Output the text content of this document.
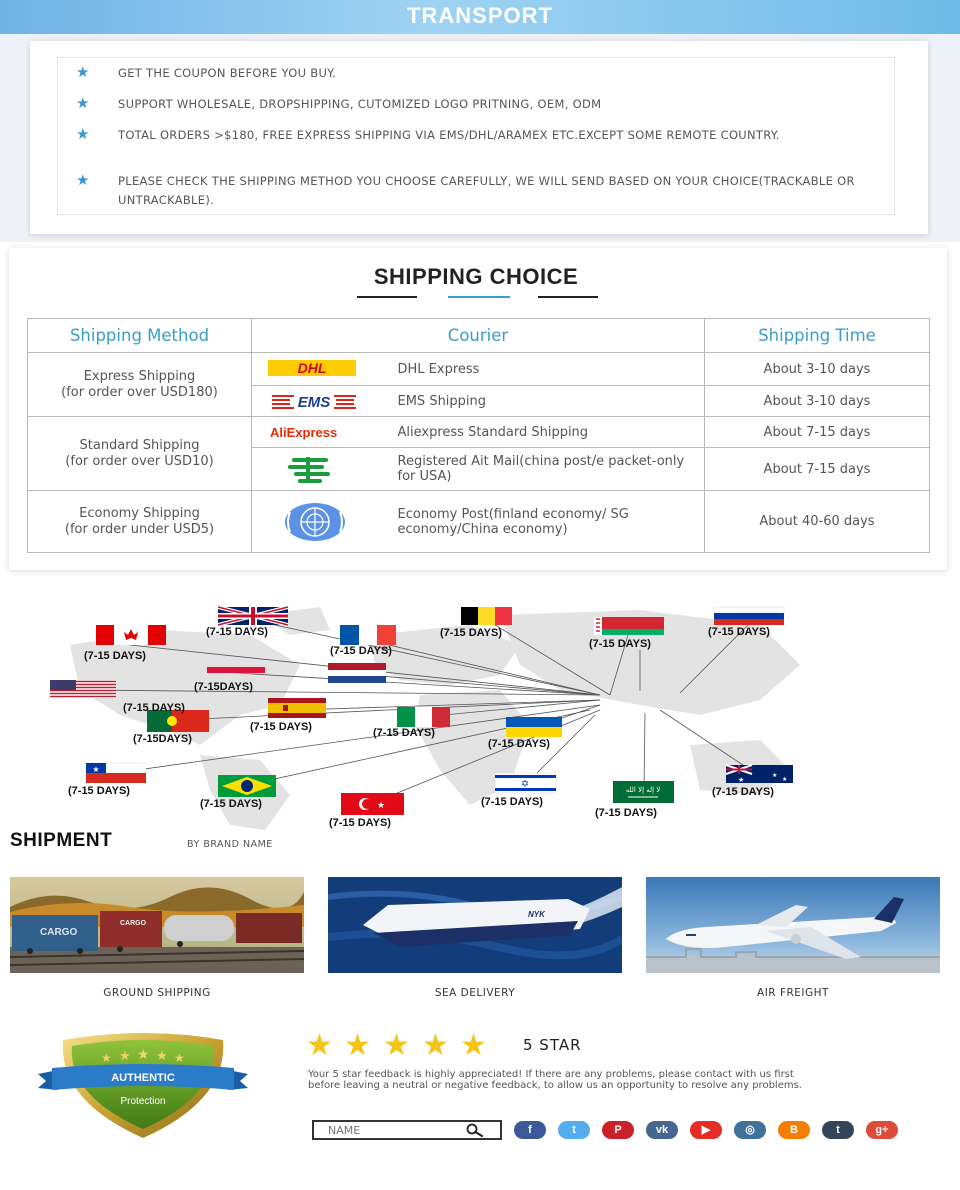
TRANSPORT
★ GET THE COUPON BEFORE YOU BUY.
★ SUPPORT WHOLESALE, DROPSHIPPING, CUTOMIZED LOGO PRITNING, OEM, ODM
★ TOTAL ORDERS >$180, FREE EXPRESS SHIPPING VIA EMS/DHL/ARAMEX ETC.EXCEPT SOME REMOTE COUNTRY.
★ PLEASE CHECK THE SHIPPING METHOD YOU CHOOSE CAREFULLY, WE WILL SEND BASED ON YOUR CHOICE(TRACKABLE OR UNTRACKABLE).
SHIPPING CHOICE
Shipping Method	Courier		Shipping Time

Express Shipping
(for order over USD180)	DHL	DHL Express	About 3-10 days

EMS	EMS Shipping	About 3-10 days

Standard Shipping
(for order over USD10)	AliExpress	Aliexpress Standard Shipping	About 7-15 days

	Registered Ait Mail(china post/e packet-only for USA)	About 7-15 days

Economy Shipping
(for order under USD5)		Economy Post(finland economy/ SG economy/China economy)	About 40-60 days
★
★
✡	لا إله إلا الله
★
★
★
(7-15 DAYS)
(7-15 DAYS)	(7-15 DAYS)
(7-15 DAYS)
(7-15 DAYS)
(7-15 DAYS)
(7-15DAYS)
(7-15 DAYS)
(7-15DAYS)
(7-15 DAYS)	(7-15 DAYS)
(7-15 DAYS)
(7-15 DAYS)
(7-15 DAYS)
(7-15 DAYS)
(7-15 DAYS)
(7-15 DAYS)
(7-15 DAYS)
SHIPMENT	BY BRAND NAME
CARGO
CARGO
GROUND SHIPPING
NYK
SEA DELIVERY	AIR FREIGHT
★ ★ ★ ★ ★
AUTHENTIC
Protection
★ ★ ★ ★ ★ 5 STAR
Your 5 star feedback is highly appreciated! If there are any problems, please contact with us first before leaving a neutral or negative feedback, to allow us an opportunity to resolve any problems.
NAME
f	t	P	vk	▶	◎	B	t	g+
